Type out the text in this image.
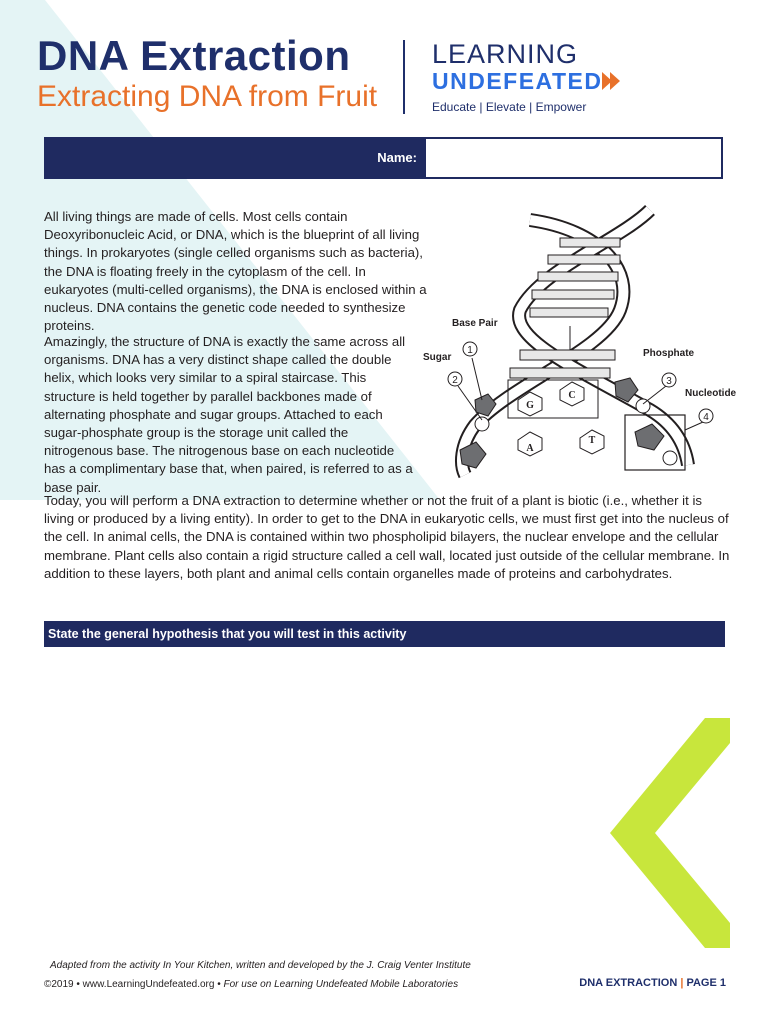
DNA Extraction
Extracting DNA from Fruit
LEARNING
UNDEFEATED
Educate | Elevate | Empower
Name:
All living things are made of cells. Most cells contain Deoxyribonucleic Acid, or DNA, which is the blueprint of all living things. In prokaryotes (single celled organisms such as bacteria), the DNA is floating freely in the cytoplasm of the cell. In eukaryotes (multi-celled organisms), the DNA is enclosed within a nucleus. DNA contains the genetic code needed to synthesize proteins.
Amazingly, the structure of DNA is exactly the same across all organisms. DNA has a very distinct shape called the double helix, which looks very similar to a spiral staircase. This structure is held together by parallel backbones made of alternating phosphate and sugar groups. Attached to each sugar-phosphate group is the storage unit called the nitrogenous base. The nitrogenous base on each nucleotide has a complimentary base that, when paired, is referred to as a base pair.
Base Pair
Sugar	Phosphate
Nucleotide
1
2	3
4
G
C
A
T
Today, you will perform a DNA extraction to determine whether or not the fruit of a plant is biotic (i.e., whether it is living or produced by a living entity). In order to get to the DNA in eukaryotic cells, we must first get into the nucleus of the cell. In animal cells, the DNA is contained within two phospholipid bilayers, the nuclear envelope and the cellular membrane. Plant cells also contain a rigid structure called a cell wall, located just outside of the cellular membrane. In addition to these layers, both plant and animal cells contain organelles made of proteins and carbohydrates.
State the general hypothesis that you will test in this activity
Adapted from the activity In Your Kitchen, written and developed by the J. Craig Venter Institute
©2019 • www.LearningUndefeated.org • For use on Learning Undefeated Mobile Laboratories	DNA EXTRACTION | PAGE 1
